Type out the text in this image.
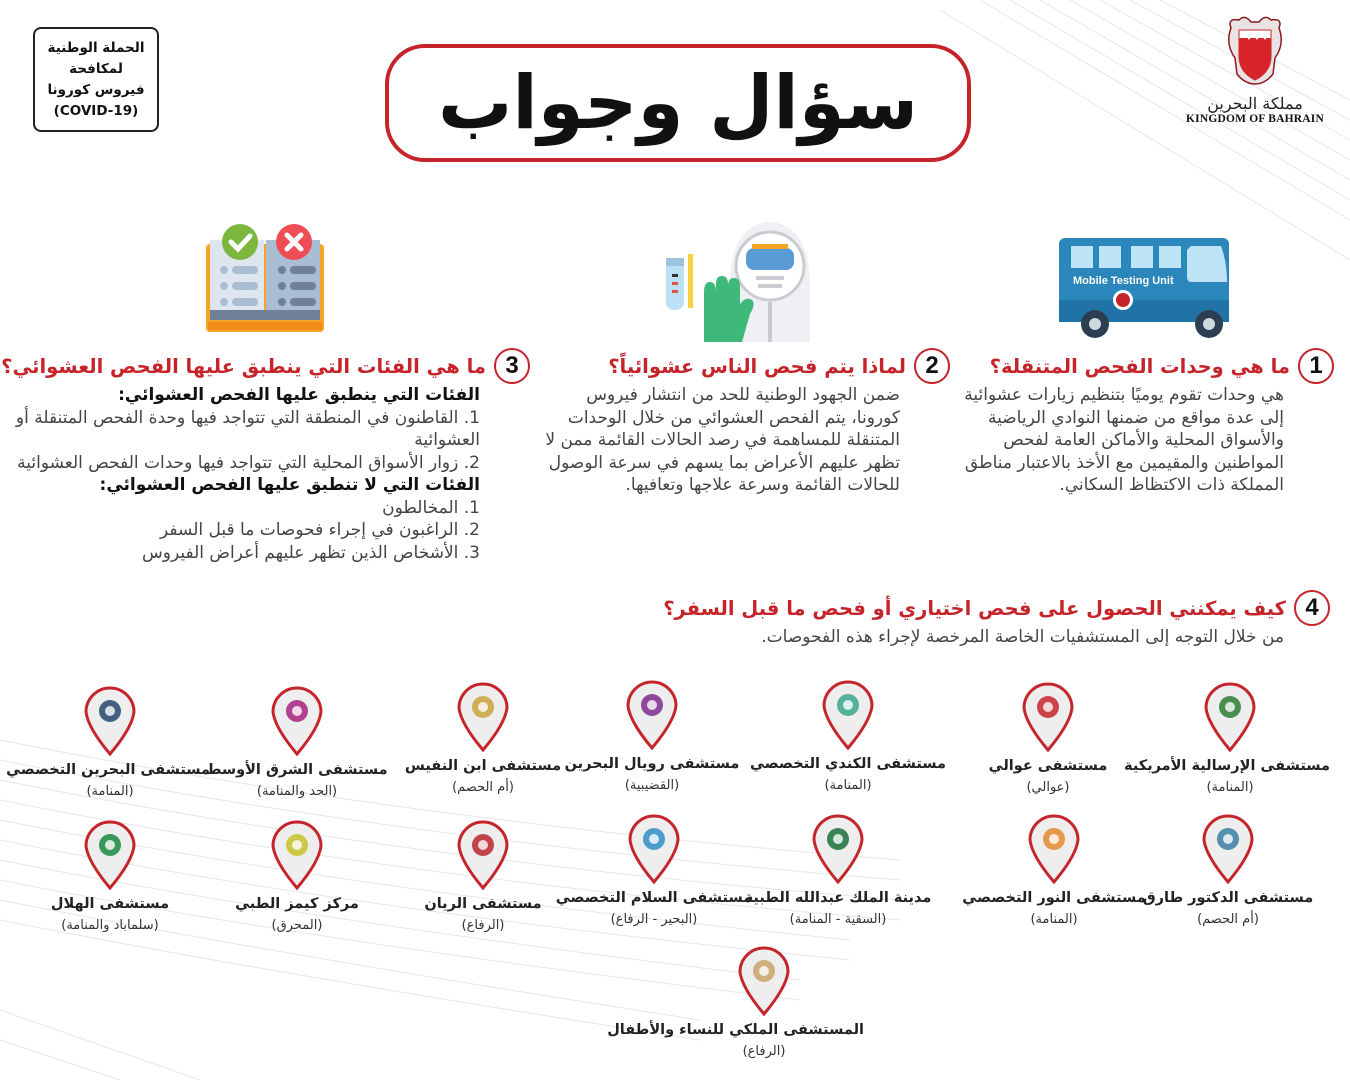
الحملة الوطنية
لمكافحة
فيروس كورونا
(COVID-19)	سؤال وجواب	مملكة البحرين
KINGDOM OF BAHRAIN
Mobile Testing Unit
1
ما هي وحدات الفحص المتنقلة؟
هي وحدات تقوم يوميًا بتنظيم زيارات عشوائية إلى عدة مواقع من ضمنها النوادي الرياضية والأسواق المحلية والأماكن العامة لفحص المواطنين والمقيمين مع الأخذ بالاعتبار مناطق المملكة ذات الاكتظاظ السكاني.
2
لماذا يتم فحص الناس عشوائياً؟
ضمن الجهود الوطنية للحد من انتشار فيروس كورونا، يتم الفحص العشوائي من خلال الوحدات المتنقلة للمساهمة في رصد الحالات القائمة ممن لا تظهر عليهم الأعراض بما يسهم في سرعة الوصول للحالات القائمة وسرعة علاجها وتعافيها.
3
ما هي الفئات التي ينطبق عليها الفحص العشوائي؟
الفئات التي ينطبق عليها الفحص العشوائي:
1. القاطنون في المنطقة التي تتواجد فيها وحدة الفحص المتنقلة أو العشوائية
2. زوار الأسواق المحلية التي تتواجد فيها وحدات الفحص العشوائية
الفئات التي لا تنطبق عليها الفحص العشوائي:
1. المخالطون
2. الراغبون في إجراء فحوصات ما قبل السفر
3. الأشخاص الذين تظهر عليهم أعراض الفيروس
4
كيف يمكنني الحصول على فحص اختياري أو فحص ما قبل السفر؟
من خلال التوجه إلى المستشفيات الخاصة المرخصة لإجراء هذه الفحوصات.
مستشفى الإرسالية الأمريكية
(المنامة)
مستشفى عوالي
(عوالي)
مستشفى الكندي التخصصي
(المنامة)
مستشفى رويال البحرين
(القضيبية)
مستشفى ابن النفيس
(أم الحصم)
مستشفى الشرق الأوسط
(الحد والمنامة)
مستشفى البحرين التخصصي
(المنامة)
مستشفى الدكتور طارق
(أم الحصم)
مستشفى النور التخصصي
(المنامة)
مدينة الملك عبدالله الطبية
(السقية - المنامة)
مستشفى السلام التخصصي
(البحير - الرفاع)
مستشفى الريان
(الرفاع)
مركز كيمز الطبي
(المحرق)
مستشفى الهلال
(سلماباد والمنامة)
المستشفى الملكي للنساء والأطفال
(الرفاع)
